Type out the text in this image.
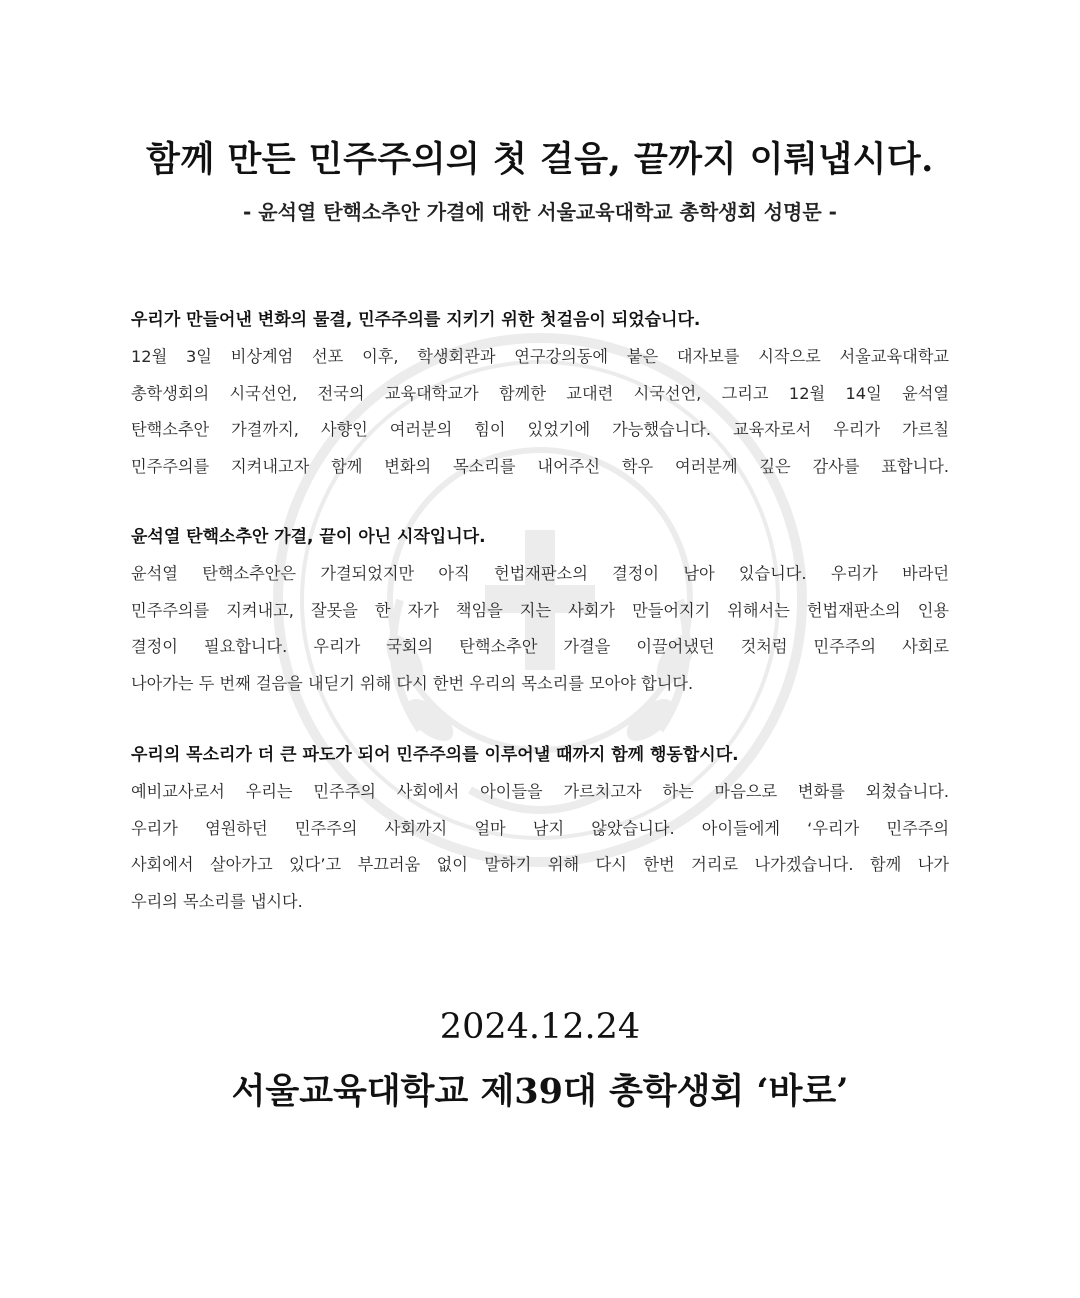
함께 만든 민주주의의 첫 걸음, 끝까지 이뤄냅시다.
- 윤석열 탄핵소추안 가결에 대한 서울교육대학교 총학생회 성명문 -
우리가 만들어낸 변화의 물결, 민주주의를 지키기 위한 첫걸음이 되었습니다.
12월 3일 비상계엄 선포 이후, 학생회관과 연구강의동에 붙은 대자보를 시작으로 서울교육대학교
총학생회의 시국선언, 전국의 교육대학교가 함께한 교대련 시국선언, 그리고 12월 14일 윤석열
탄핵소추안 가결까지, 사향인 여러분의 힘이 있었기에 가능했습니다. 교육자로서 우리가 가르칠
민주주의를 지켜내고자 함께 변화의 목소리를 내어주신 학우 여러분께 깊은 감사를 표합니다.
윤석열 탄핵소추안 가결, 끝이 아닌 시작입니다.
윤석열 탄핵소추안은 가결되었지만 아직 헌법재판소의 결정이 남아 있습니다. 우리가 바라던
민주주의를 지켜내고, 잘못을 한 자가 책임을 지는 사회가 만들어지기 위해서는 헌법재판소의 인용
결정이 필요합니다. 우리가 국회의 탄핵소추안 가결을 이끌어냈던 것처럼 민주주의 사회로
나아가는 두 번째 걸음을 내딛기 위해 다시 한번 우리의 목소리를 모아야 합니다.
우리의 목소리가 더 큰 파도가 되어 민주주의를 이루어낼 때까지 함께 행동합시다.
예비교사로서 우리는 민주주의 사회에서 아이들을 가르치고자 하는 마음으로 변화를 외쳤습니다.
우리가 염원하던 민주주의 사회까지 얼마 남지 않았습니다. 아이들에게 ‘우리가 민주주의
사회에서 살아가고 있다’고 부끄러움 없이 말하기 위해 다시 한번 거리로 나가겠습니다. 함께 나가
우리의 목소리를 냅시다.
2024.12.24
서울교육대학교 제39대 총학생회 ‘바로’
